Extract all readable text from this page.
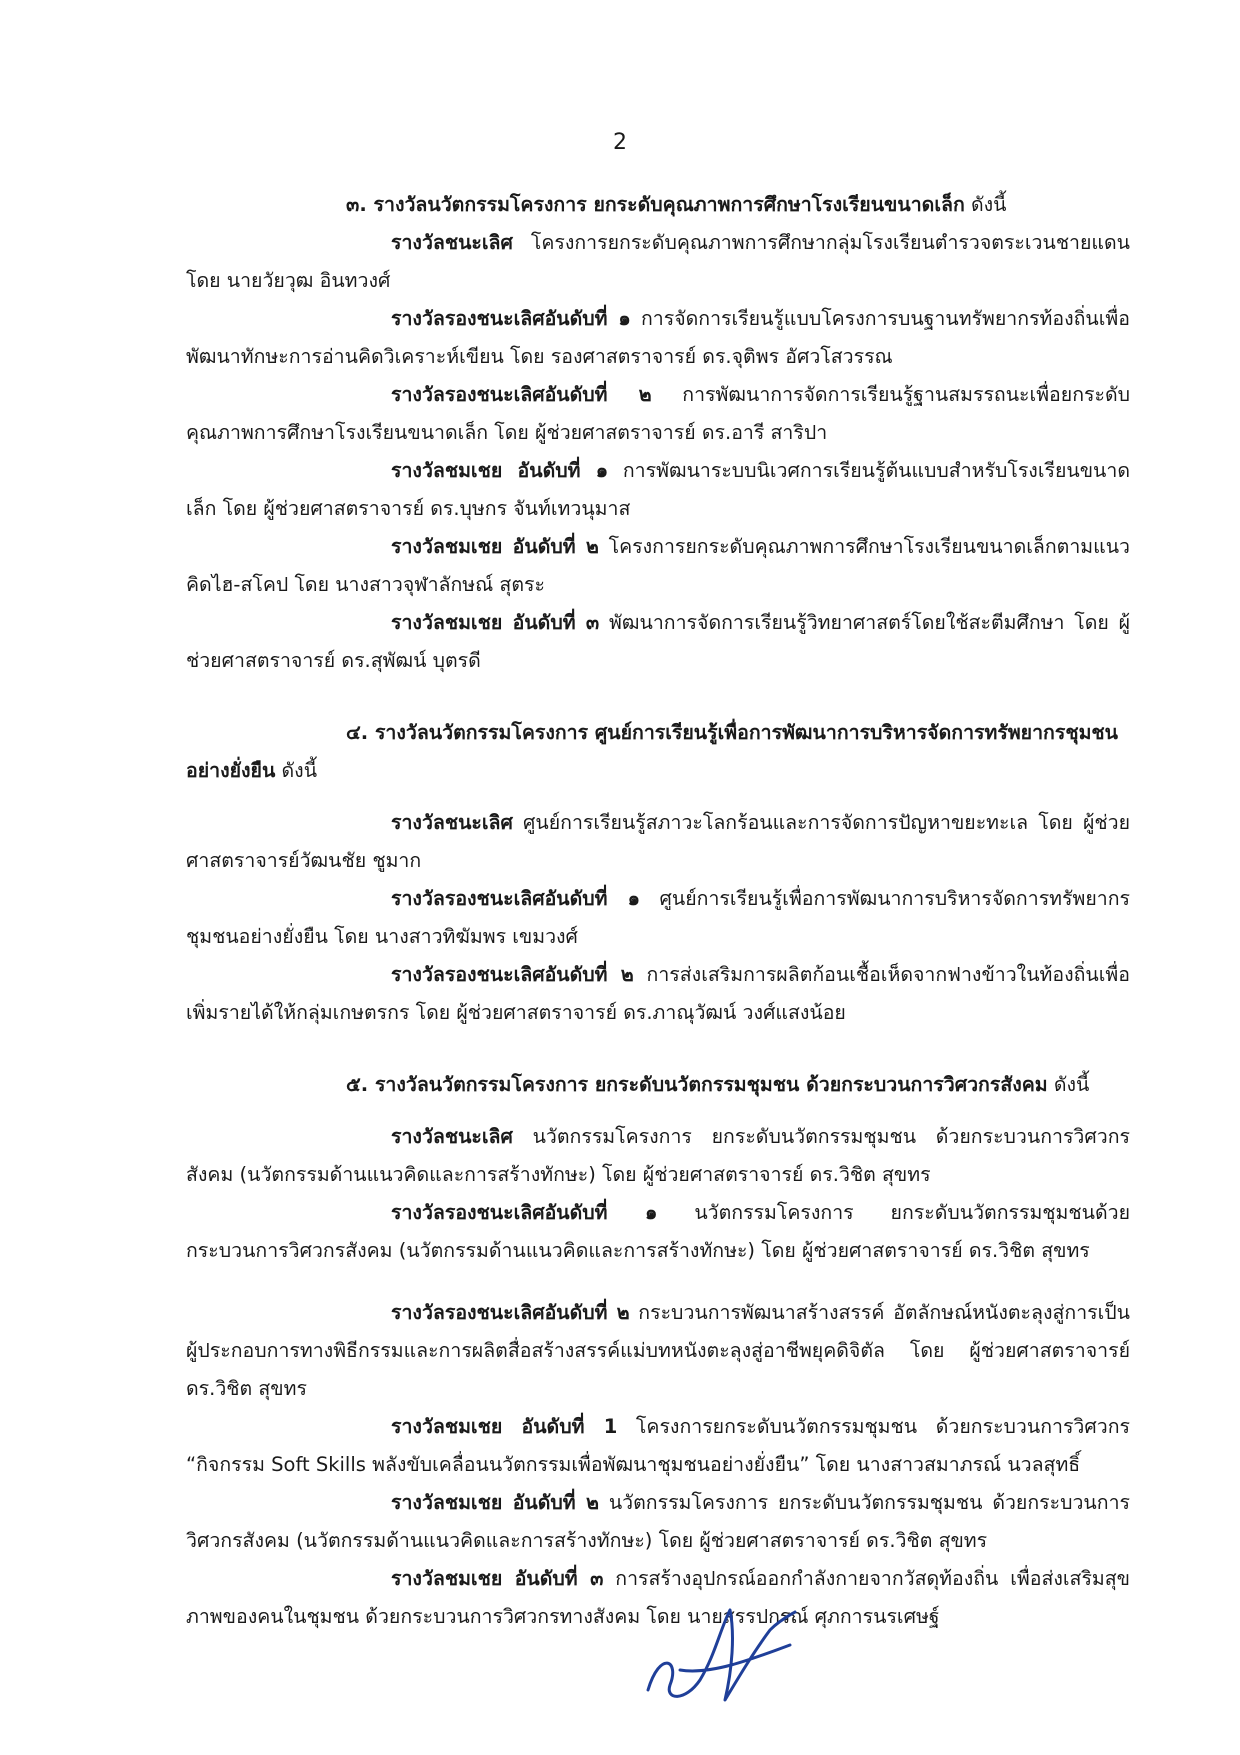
2

๓. รางวัลนวัตกรรมโครงการ ยกระดับคุณภาพการศึกษาโรงเรียนขนาดเล็ก ดังนี้

รางวัลชนะเลิศ โครงการยกระดับคุณภาพการศึกษากลุ่มโรงเรียนตำรวจตระเวนชายแดน โดย นายวัยวุฒ อินทวงศ์

รางวัลรองชนะเลิศอันดับที่ ๑ การจัดการเรียนรู้แบบโครงการบนฐานทรัพยากรท้องถิ่นเพื่อพัฒนาทักษะการอ่านคิดวิเคราะห์เขียน โดย รองศาสตราจารย์ ดร.จุติพร อัศวโสวรรณ

รางวัลรองชนะเลิศอันดับที่ ๒ การพัฒนาการจัดการเรียนรู้ฐานสมรรถนะเพื่อยกระดับคุณภาพการศึกษาโรงเรียนขนาดเล็ก โดย ผู้ช่วยศาสตราจารย์ ดร.อารี สาริปา

รางวัลชมเชย อันดับที่ ๑ การพัฒนาระบบนิเวศการเรียนรู้ต้นแบบสำหรับโรงเรียนขนาดเล็ก โดย ผู้ช่วยศาสตราจารย์ ดร.บุษกร จันท์เทวนุมาส

รางวัลชมเชย อันดับที่ ๒ โครงการยกระดับคุณภาพการศึกษาโรงเรียนขนาดเล็กตามแนวคิดไฮ-สโคป โดย นางสาวจุฬาลักษณ์ สุตระ

รางวัลชมเชย อันดับที่ ๓ พัฒนาการจัดการเรียนรู้วิทยาศาสตร์โดยใช้สะตีมศึกษา โดย ผู้ช่วยศาสตราจารย์ ดร.สุพัฒน์ บุตรดี

๔. รางวัลนวัตกรรมโครงการ ศูนย์การเรียนรู้เพื่อการพัฒนาการบริหารจัดการทรัพยากรชุมชนอย่างยั่งยืน ดังนี้

รางวัลชนะเลิศ ศูนย์การเรียนรู้สภาวะโลกร้อนและการจัดการปัญหาขยะทะเล โดย ผู้ช่วยศาสตราจารย์วัฒนชัย ชูมาก

รางวัลรองชนะเลิศอันดับที่ ๑ ศูนย์การเรียนรู้เพื่อการพัฒนาการบริหารจัดการทรัพยากรชุมชนอย่างยั่งยืน โดย นางสาวทิฆัมพร เขมวงศ์

รางวัลรองชนะเลิศอันดับที่ ๒ การส่งเสริมการผลิตก้อนเชื้อเห็ดจากฟางข้าวในท้องถิ่นเพื่อเพิ่มรายได้ให้กลุ่มเกษตรกร โดย ผู้ช่วยศาสตราจารย์ ดร.ภาณุวัฒน์ วงศ์แสงน้อย

๕. รางวัลนวัตกรรมโครงการ ยกระดับนวัตกรรมชุมชน ด้วยกระบวนการวิศวกรสังคม ดังนี้

รางวัลชนะเลิศ นวัตกรรมโครงการ ยกระดับนวัตกรรมชุมชน ด้วยกระบวนการวิศวกรสังคม (นวัตกรรมด้านแนวคิดและการสร้างทักษะ) โดย ผู้ช่วยศาสตราจารย์ ดร.วิชิต สุขทร

รางวัลรองชนะเลิศอันดับที่ ๑ นวัตกรรมโครงการ ยกระดับนวัตกรรมชุมชนด้วยกระบวนการวิศวกรสังคม (นวัตกรรมด้านแนวคิดและการสร้างทักษะ) โดย ผู้ช่วยศาสตราจารย์ ดร.วิชิต สุขทร

รางวัลรองชนะเลิศอันดับที่ ๒ กระบวนการพัฒนาสร้างสรรค์ อัตลักษณ์หนังตะลุงสู่การเป็นผู้ประกอบการทางพิธีกรรมและการผลิตสื่อสร้างสรรค์แม่บทหนังตะลุงสู่อาชีพยุคดิจิตัล โดย ผู้ช่วยศาสตราจารย์ ดร.วิชิต สุขทร

รางวัลชมเชย อันดับที่ 1 โครงการยกระดับนวัตกรรมชุมชน ด้วยกระบวนการวิศวกร “กิจกรรม Soft Skills พลังขับเคลื่อนนวัตกรรมเพื่อพัฒนาชุมชนอย่างยั่งยืน” โดย นางสาวสมาภรณ์ นวลสุทธิ์

รางวัลชมเชย อันดับที่ ๒ นวัตกรรมโครงการ ยกระดับนวัตกรรมชุมชน ด้วยกระบวนการวิศวกรสังคม (นวัตกรรมด้านแนวคิดและการสร้างทักษะ) โดย ผู้ช่วยศาสตราจารย์ ดร.วิชิต สุขทร

รางวัลชมเชย อันดับที่ ๓ การสร้างอุปกรณ์ออกกำลังกายจากวัสดุท้องถิ่น เพื่อส่งเสริมสุขภาพของคนในชุมชน ด้วยกระบวนการวิศวกรทางสังคม โดย นายสรรปกรณ์ ศุภการนรเศษฐ์
